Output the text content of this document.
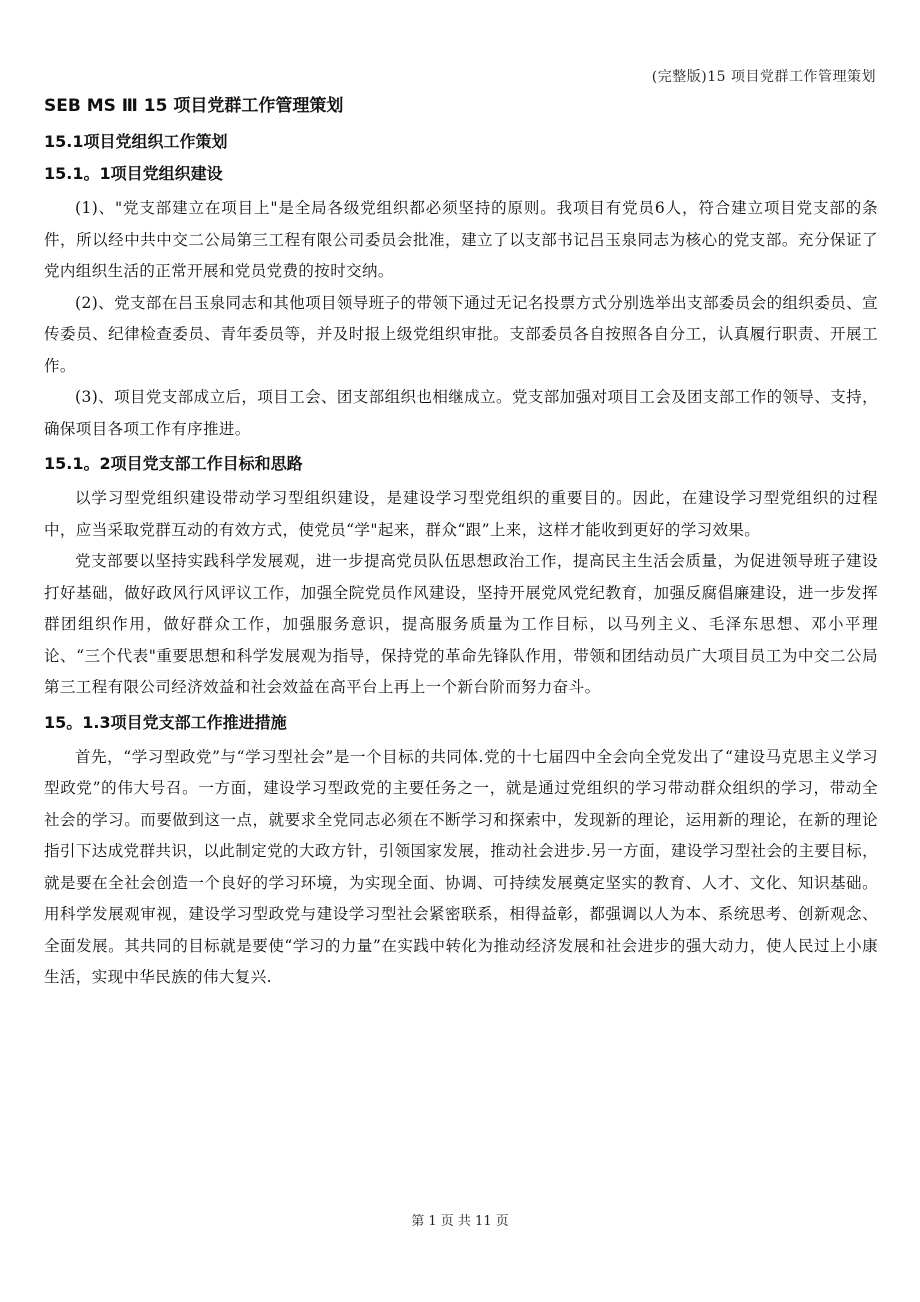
(完整版)15 项目党群工作管理策划
SEB MS Ⅲ 15 项目党群工作管理策划
15.1项目党组织工作策划
15.1。1项目党组织建设

(1)、"党支部建立在项目上"是全局各级党组织都必须坚持的原则。我项目有党员6人，符合建立项目党支部的条件，所以经中共中交二公局第三工程有限公司委员会批准，建立了以支部书记吕玉泉同志为核心的党支部。充分保证了党内组织生活的正常开展和党员党费的按时交纳。

(2)、党支部在吕玉泉同志和其他项目领导班子的带领下通过无记名投票方式分别选举出支部委员会的组织委员、宣传委员、纪律检查委员、青年委员等，并及时报上级党组织审批。支部委员各自按照各自分工，认真履行职责、开展工作。

(3)、项目党支部成立后，项目工会、团支部组织也相继成立。党支部加强对项目工会及团支部工作的领导、支持，确保项目各项工作有序推进。

15.1。2项目党支部工作目标和思路

以学习型党组织建设带动学习型组织建设，是建设学习型党组织的重要目的。因此，在建设学习型党组织的过程中，应当采取党群互动的有效方式，使党员“学"起来，群众“跟”上来，这样才能收到更好的学习效果。

党支部要以坚持实践科学发展观，进一步提高党员队伍思想政治工作，提高民主生活会质量，为促进领导班子建设打好基础，做好政风行风评议工作，加强全院党员作风建设，坚持开展党风党纪教育，加强反腐倡廉建设，进一步发挥群团组织作用，做好群众工作，加强服务意识，提高服务质量为工作目标，以马列主义、毛泽东思想、邓小平理论、“三个代表"重要思想和科学发展观为指导，保持党的革命先锋队作用，带领和团结动员广大项目员工为中交二公局第三工程有限公司经济效益和社会效益在高平台上再上一个新台阶而努力奋斗。

15。1.3项目党支部工作推进措施

首先，“学习型政党”与“学习型社会”是一个目标的共同体.党的十七届四中全会向全党发出了“建设马克思主义学习型政党”的伟大号召。一方面，建设学习型政党的主要任务之一，就是通过党组织的学习带动群众组织的学习，带动全社会的学习。而要做到这一点，就要求全党同志必须在不断学习和探索中，发现新的理论，运用新的理论，在新的理论指引下达成党群共识，以此制定党的大政方针，引领国家发展，推动社会进步.另一方面，建设学习型社会的主要目标，就是要在全社会创造一个良好的学习环境，为实现全面、协调、可持续发展奠定坚实的教育、人才、文化、知识基础。用科学发展观审视，建设学习型政党与建设学习型社会紧密联系，相得益彰，都强调以人为本、系统思考、创新观念、全面发展。其共同的目标就是要使“学习的力量”在实践中转化为推动经济发展和社会进步的强大动力，使人民过上小康生活，实现中华民族的伟大复兴.

第 1 页 共 11 页
